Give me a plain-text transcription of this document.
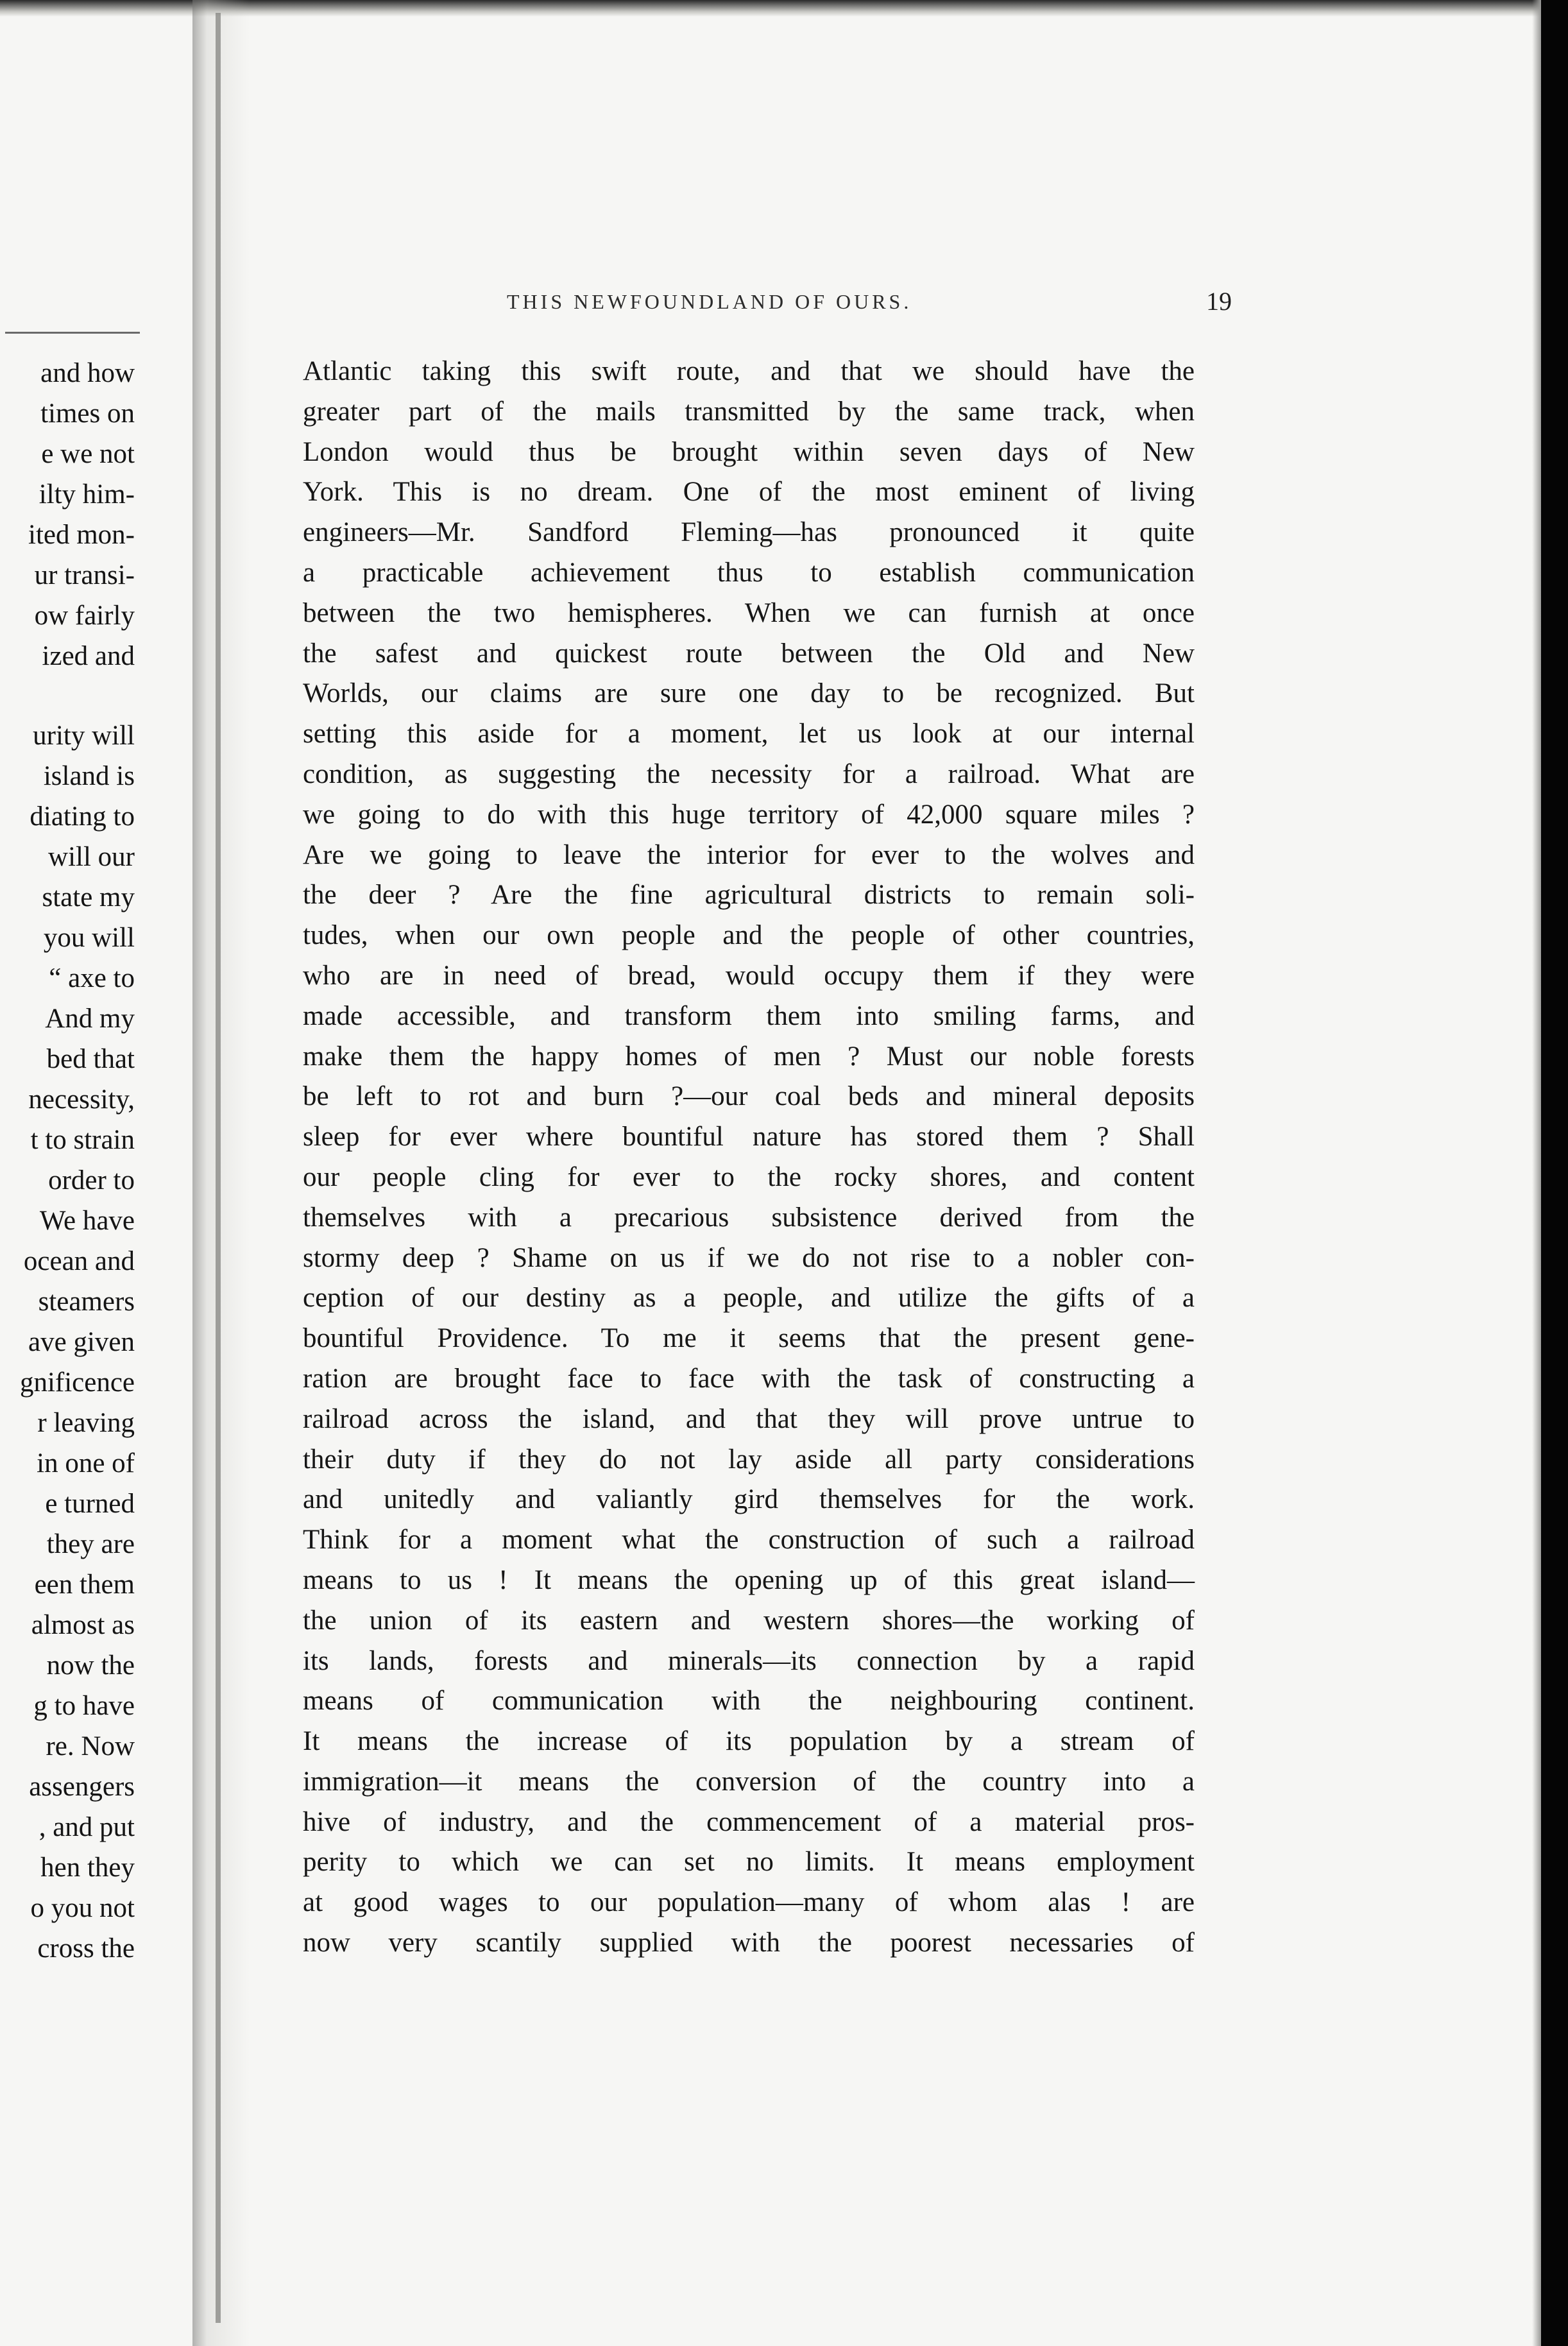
and how
times on
e we not
ilty him-
ited mon-
ur transi-
ow fairly
ized and
urity will
island is
diating to
will our
state my
you will
“ axe to
And my
bed that
necessity,
t to strain
order to
We have
ocean and
steamers
ave given
gnificence
r leaving
in one of
e turned
they are
een them
almost as
now the
g to have
re. Now
assengers
, and put
hen they
o you not
cross the
THIS NEWFOUNDLAND OF OURS.	19
Atlantic taking this swift route, and that we should have the
greater part of the mails transmitted by the same track, when
London would thus be brought within seven days of New
York. This is no dream. One of the most eminent of living
engineers—Mr. Sandford Fleming—has pronounced it quite
a practicable achievement thus to establish communication
between the two hemispheres. When we can furnish at once
the safest and quickest route between the Old and New
Worlds, our claims are sure one day to be recognized. But
setting this aside for a moment, let us look at our internal
condition, as suggesting the necessity for a railroad. What are
we going to do with this huge territory of 42,000 square miles ?
Are we going to leave the interior for ever to the wolves and
the deer ? Are the fine agricultural districts to remain soli-
tudes, when our own people and the people of other countries,
who are in need of bread, would occupy them if they were
made accessible, and transform them into smiling farms, and
make them the happy homes of men ? Must our noble forests
be left to rot and burn ?—our coal beds and mineral deposits
sleep for ever where bountiful nature has stored them ? Shall
our people cling for ever to the rocky shores, and content
themselves with a precarious subsistence derived from the
stormy deep ? Shame on us if we do not rise to a nobler con-
ception of our destiny as a people, and utilize the gifts of a
bountiful Providence. To me it seems that the present gene-
ration are brought face to face with the task of constructing a
railroad across the island, and that they will prove untrue to
their duty if they do not lay aside all party considerations
and unitedly and valiantly gird themselves for the work.
Think for a moment what the construction of such a railroad
means to us ! It means the opening up of this great island—
the union of its eastern and western shores—the working of
its lands, forests and minerals—its connection by a rapid
means of communication with the neighbouring continent.
It means the increase of its population by a stream of
immigration—it means the conversion of the country into a
hive of industry, and the commencement of a material pros-
perity to which we can set no limits. It means employment
at good wages to our population—many of whom alas ! are
now very scantily supplied with the poorest necessaries of
